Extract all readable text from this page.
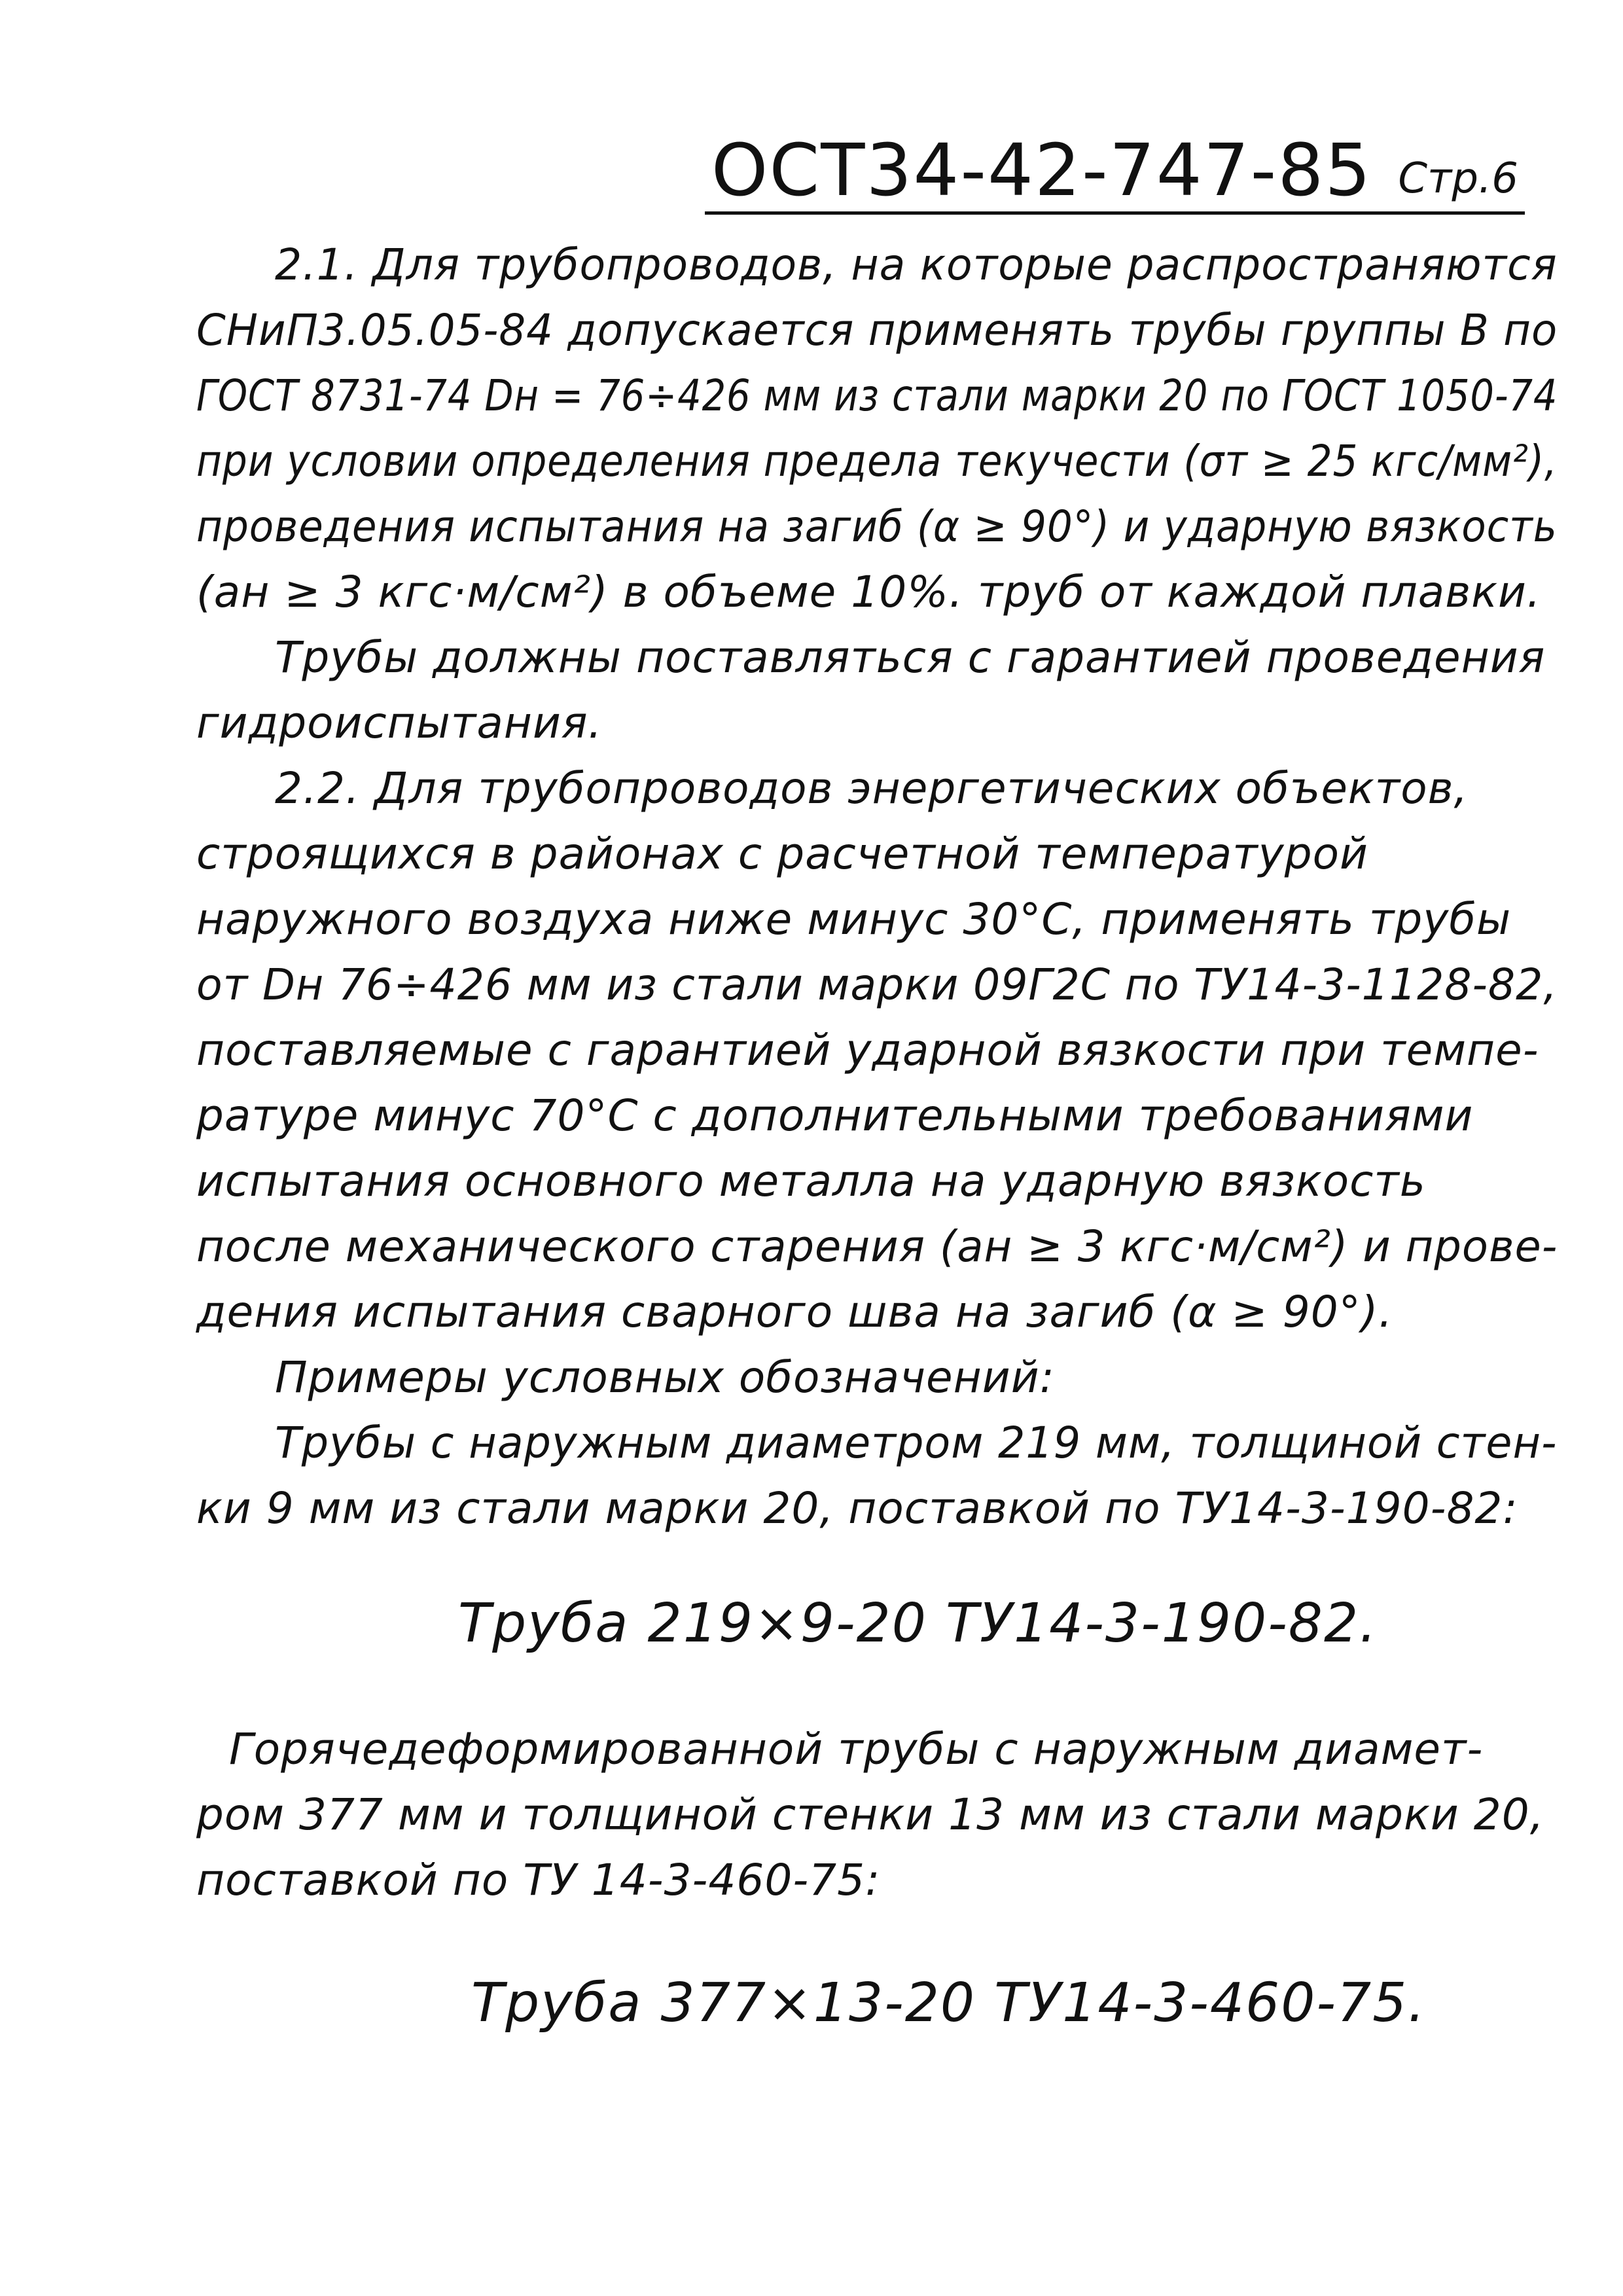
ОСТ34-42-747-85 Стр.6
2.1. Для трубопроводов, на которые распространяются
СНиП3.05.05-84 допускается применять трубы группы В по
ГОСТ 8731-74 Dн = 76÷426 мм из стали марки 20 по ГОСТ 1050-74
при условии определения предела текучести (σт ≥ 25 кгс/мм²),
проведения испытания на загиб (α ≥ 90°) и ударную вязкость
(aн ≥ 3 кгс·м/см²) в объеме 10%. труб от каждой плавки.
Трубы должны поставляться с гарантией проведения
гидроиспытания.
2.2. Для трубопроводов энергетических объектов,
строящихся в районах с расчетной температурой
наружного воздуха ниже минус 30°С, применять трубы
от Dн 76÷426 мм из стали марки 09Г2С по ТУ14-3-1128-82,
поставляемые с гарантией ударной вязкости при темпе-
ратуре минус 70°С с дополнительными требованиями
испытания основного металла на ударную вязкость
после механического старения (aн ≥ 3 кгс·м/см²) и прове-
дения испытания сварного шва на загиб (α ≥ 90°).
Примеры условных обозначений:
Трубы с наружным диаметром 219 мм, толщиной стен-
ки 9 мм из стали марки 20, поставкой по ТУ14-3-190-82:
Труба 219×9-20 ТУ14-3-190-82.
Горячедеформированной трубы с наружным диамет-
ром 377 мм и толщиной стенки 13 мм из стали марки 20,
поставкой по ТУ 14-3-460-75:
Труба 377×13-20 ТУ14-3-460-75.
